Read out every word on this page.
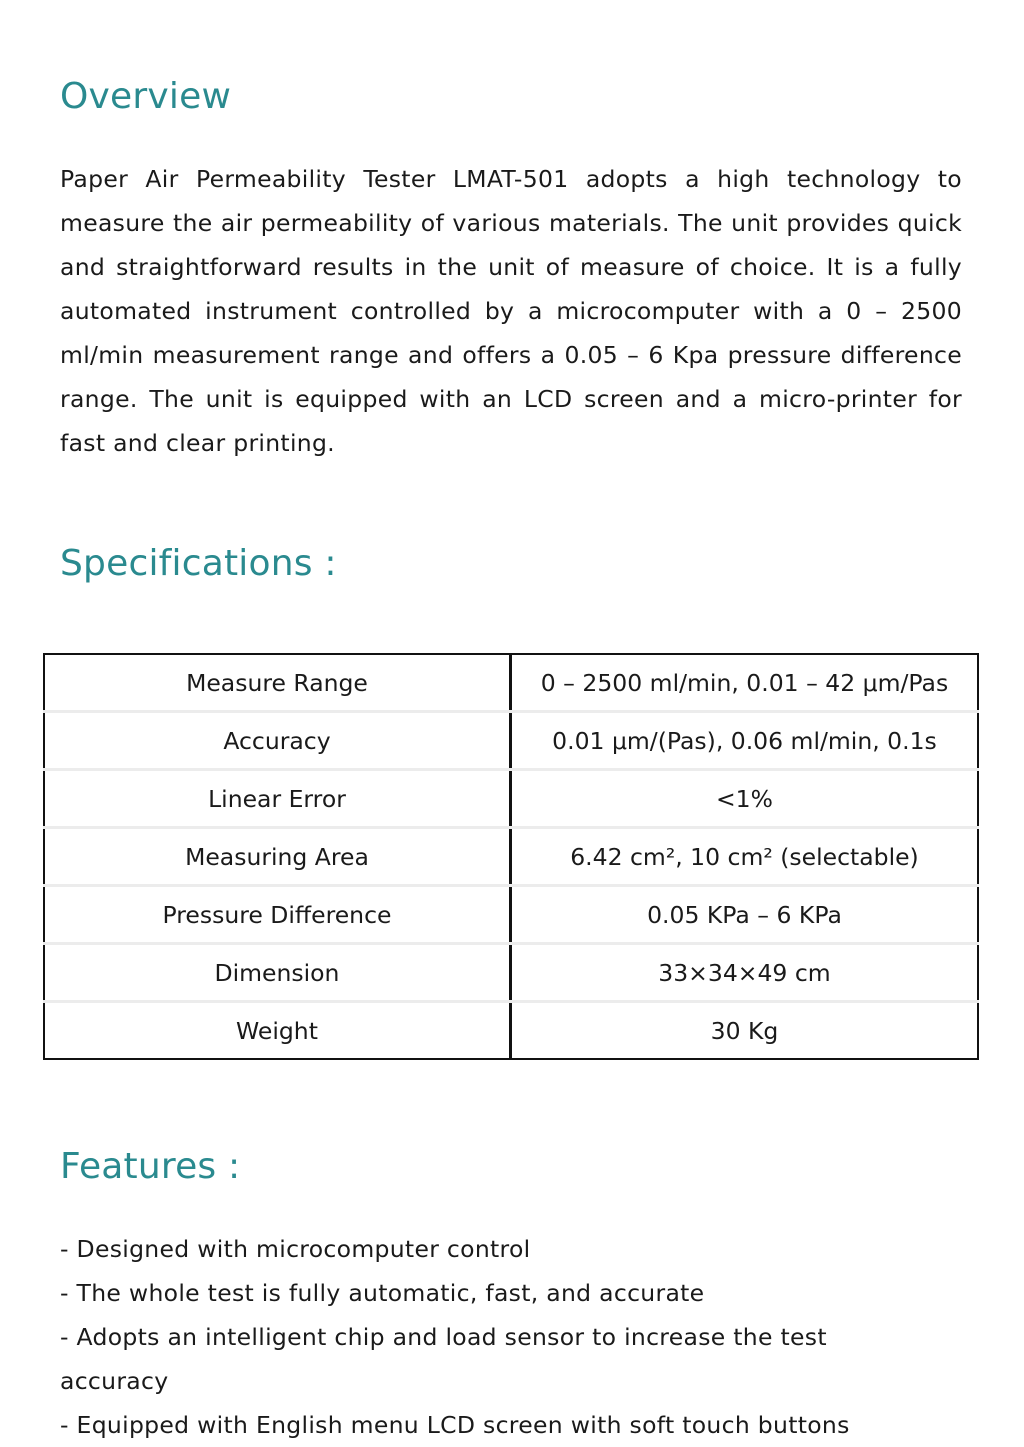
Overview

Paper Air Permeability Tester LMAT-501 adopts a high technology to measure the air permeability of various materials. The unit provides quick and straightforward results in the unit of measure of choice. It is a fully automated instrument controlled by a microcomputer with a 0 – 2500 ml/min measurement range and offers a 0.05 – 6 Kpa pressure difference range. The unit is equipped with an LCD screen and a micro-printer for fast and clear printing.

Specifications :
Measure Range	0 – 2500 ml/min, 0.01 – 42 μm/Pas
Accuracy	0.01 μm/(Pas), 0.06 ml/min, 0.1s
Linear Error	<1%
Measuring Area	6.42 cm², 10 cm² (selectable)
Pressure Difference	0.05 KPa – 6 KPa
Dimension	33×34×49 cm
Weight	30 Kg
Features :
- Designed with microcomputer control
- The whole test is fully automatic, fast, and accurate
- Adopts an intelligent chip and load sensor to increase the test accuracy
- Equipped with English menu LCD screen with soft touch buttons
